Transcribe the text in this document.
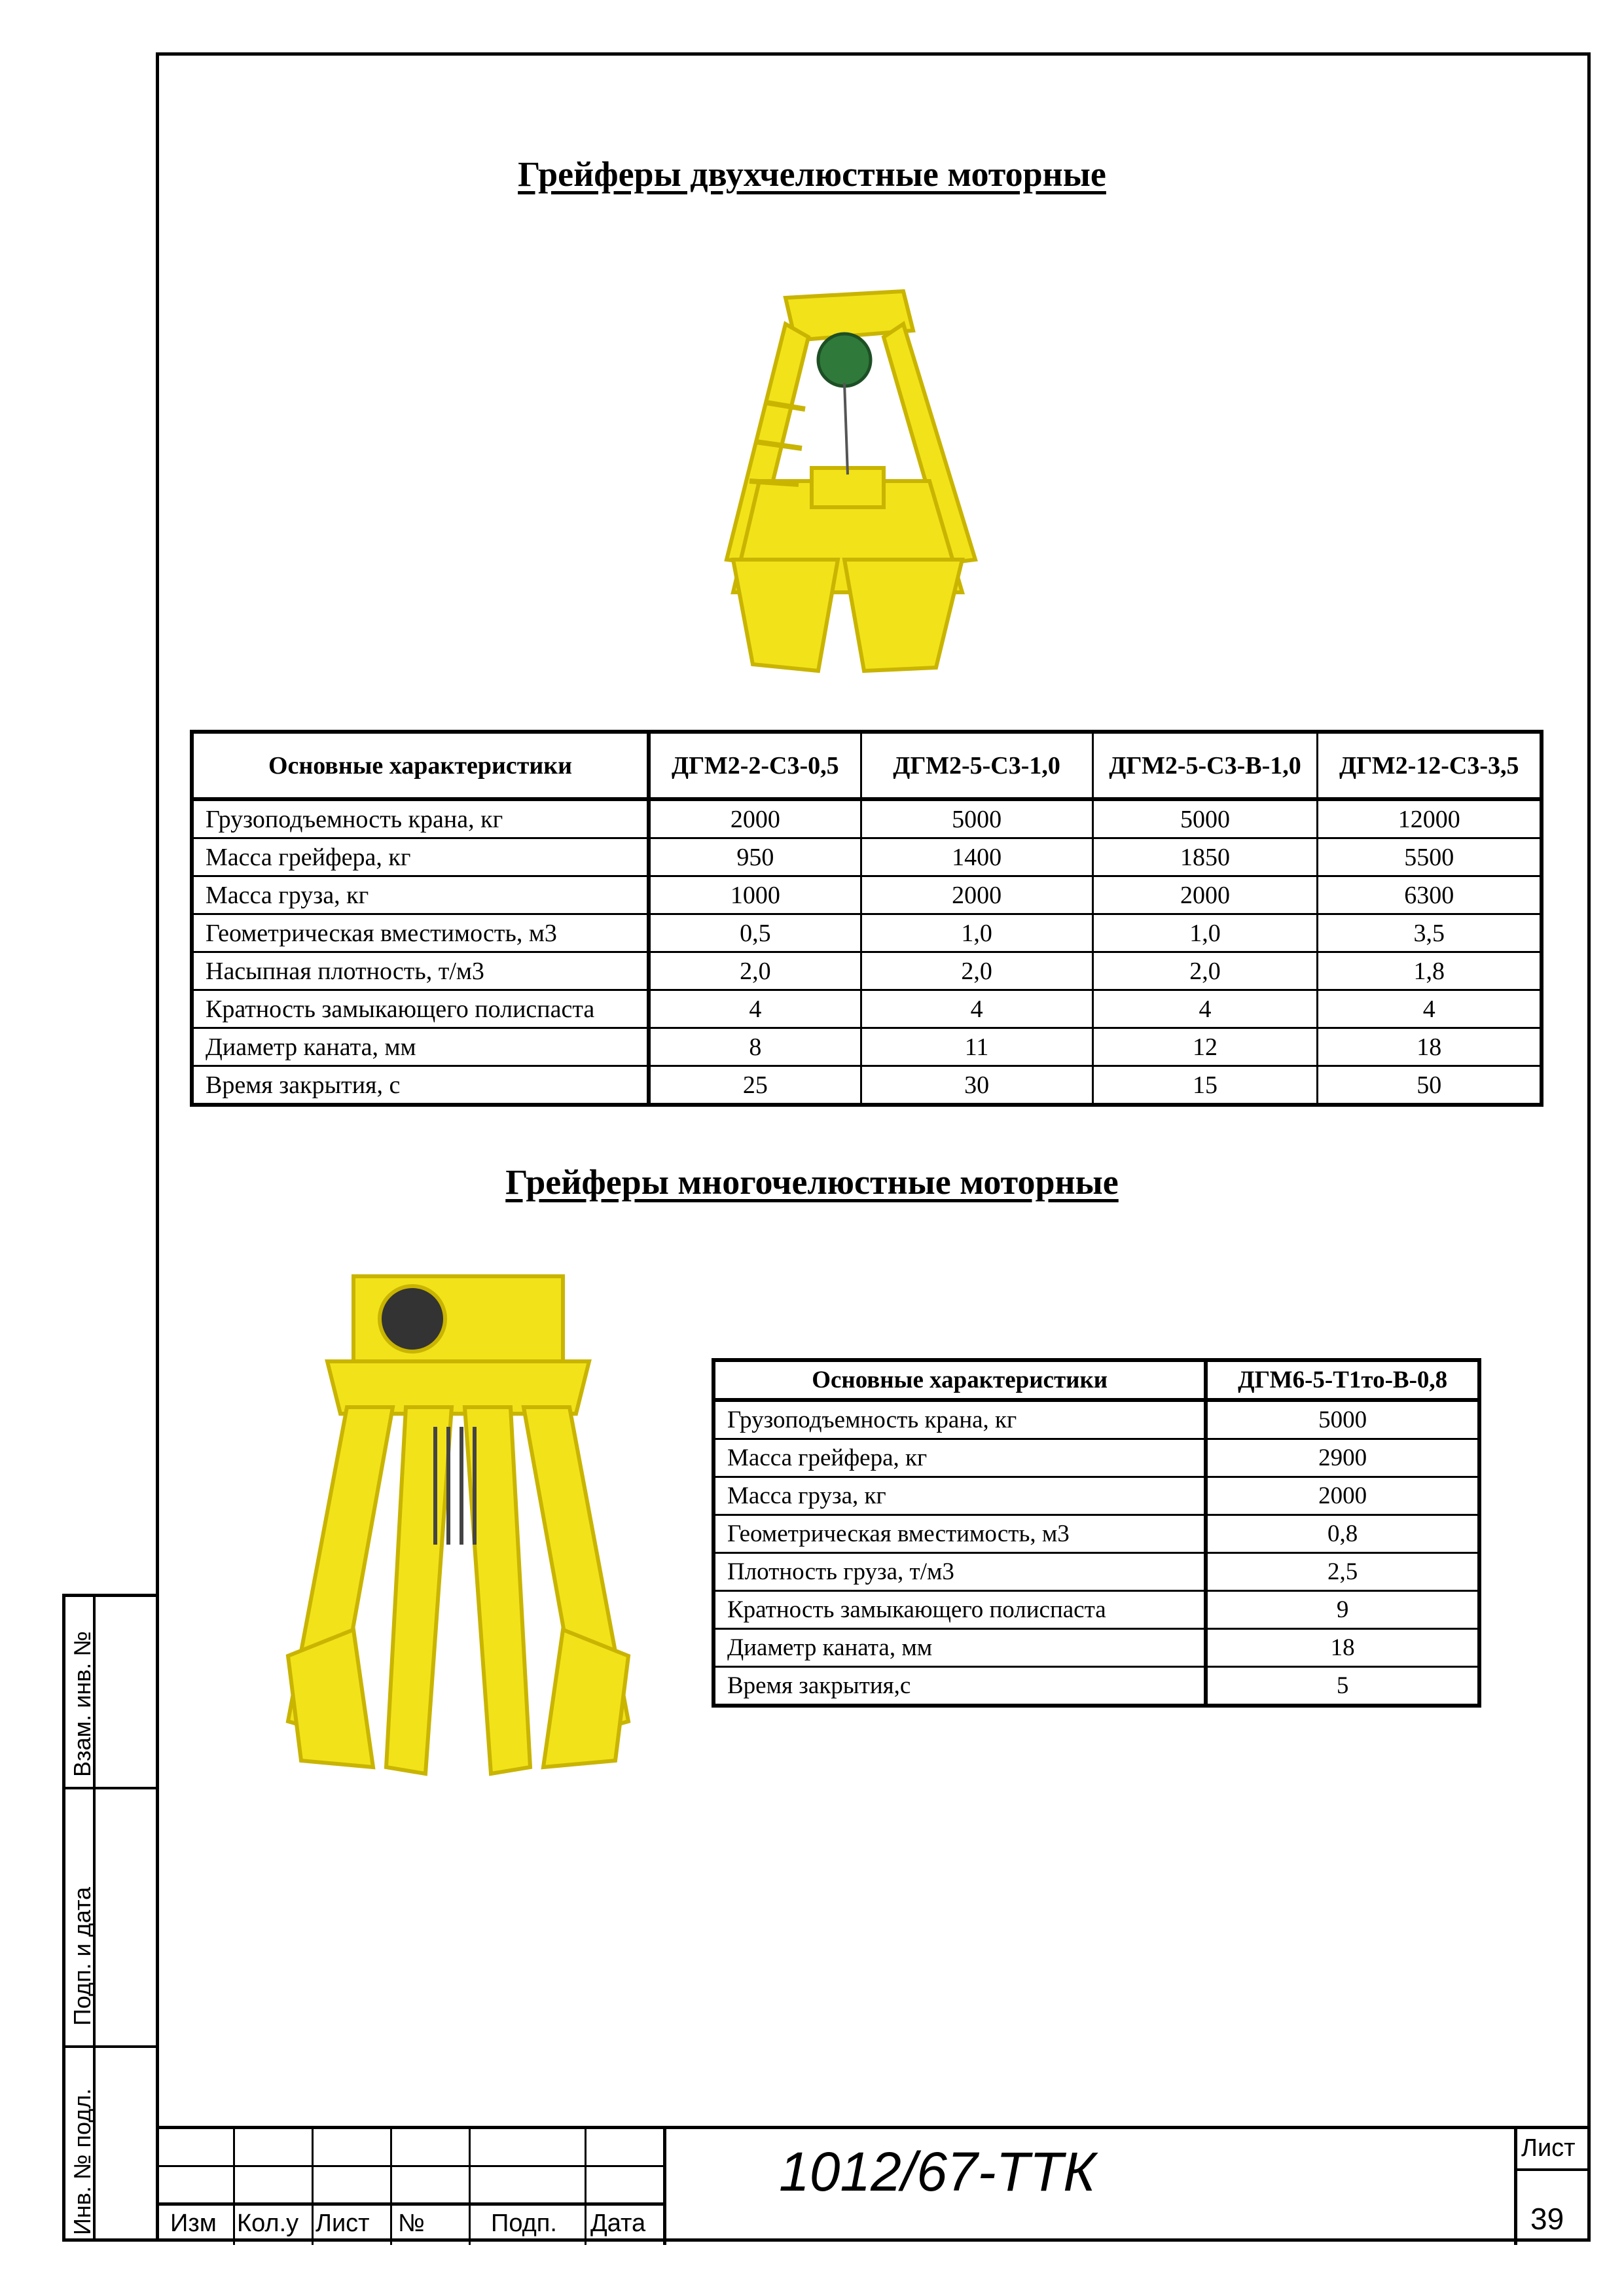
Грейферы двухчелюстные моторные
Основные характеристики	ДГМ2-2-С3-0,5	ДГМ2-5-С3-1,0	ДГМ2-5-С3-В-1,0	ДГМ2-12-С3-3,5
Грузоподъемность крана, кг	2000	5000	5000	12000
Масса грейфера, кг	950	1400	1850	5500
Масса груза, кг	1000	2000	2000	6300
Геометрическая вместимость, м3	0,5	1,0	1,0	3,5
Насыпная плотность, т/м3	2,0	2,0	2,0	1,8
Кратность замыкающего полиспаста	4	4	4	4
Диаметр каната, мм	8	11	12	18
Время закрытия, с	25	30	15	50
Грейферы многочелюстные моторные
Основные характеристики	ДГМ6-5-Т1то-В-0,8
Грузоподъемность крана, кг	5000
Масса грейфера, кг	2900
Масса груза, кг	2000
Геометрическая вместимость, м3	0,8
Плотность груза, т/м3	2,5
Кратность замыкающего полиспаста	9
Диаметр каната, мм	18
Время закрытия,с	5
Взам. инв. №
Подп. и дата
Инв. № подл.	Изм Кол.у Лист №	Подп. Дата
Лист
39
1012/67-ТТК
